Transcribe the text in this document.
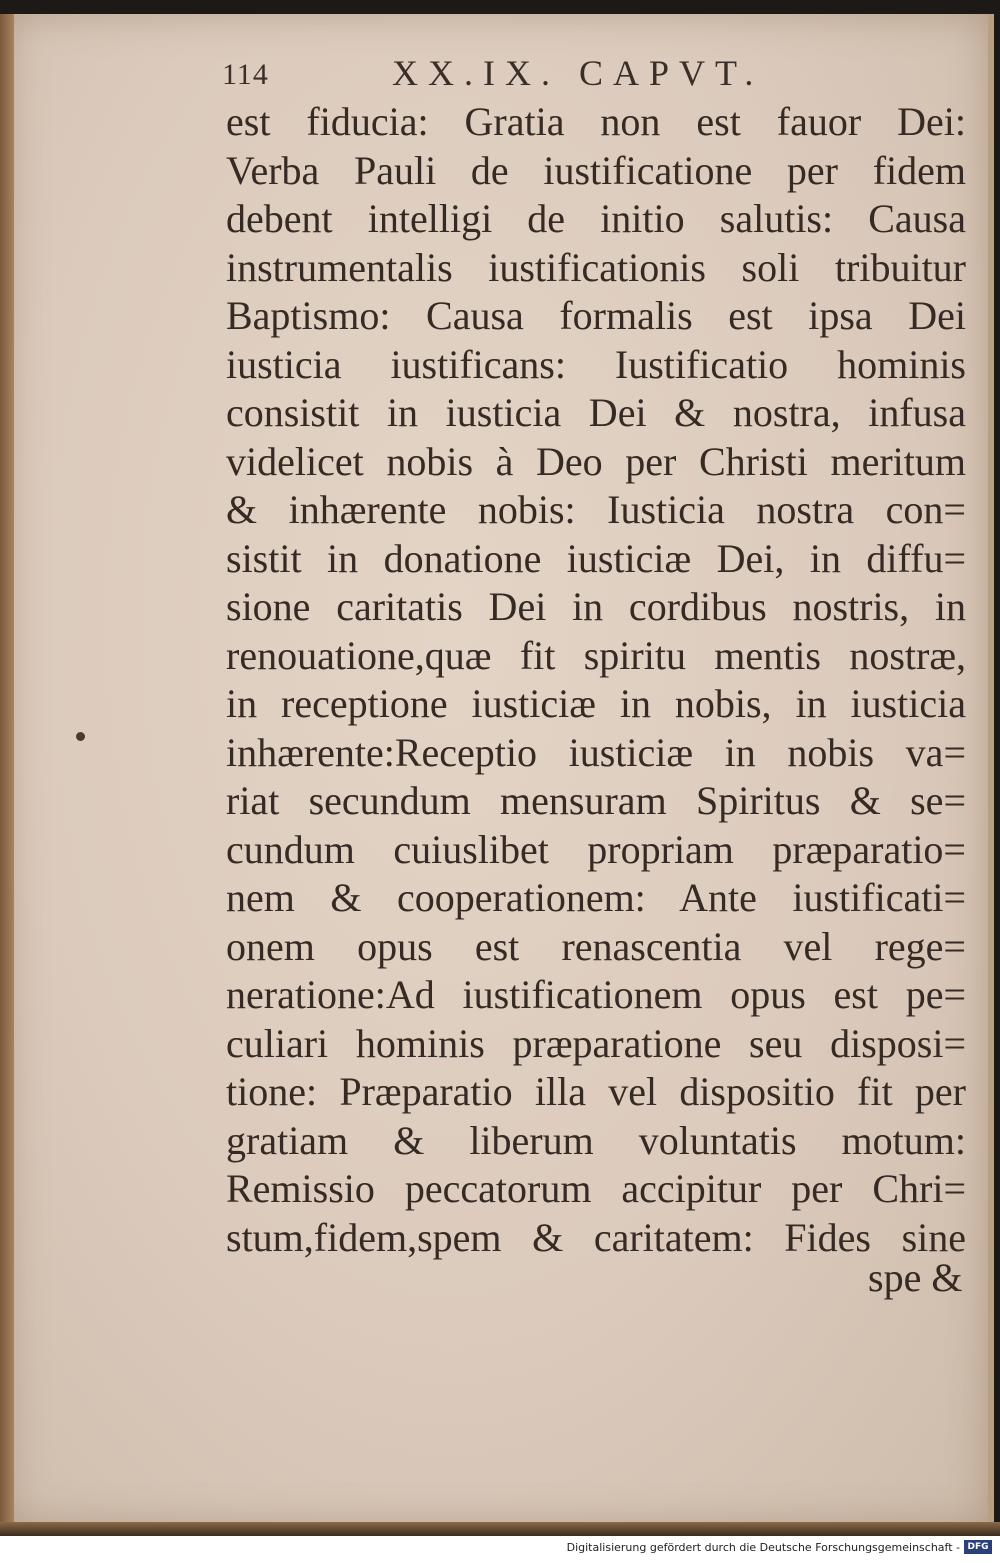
114	XX.IX. CAPVT.
est fiducia: Gratia non est fauor Dei:
Verba Pauli de iustificatione per fidem
debent intelligi de initio salutis: Causa
instrumentalis iustificationis soli tribuitur
Baptismo: Causa formalis est ipsa Dei
iusticia iustificans: Iustificatio hominis
consistit in iusticia Dei & nostra, infusa
videlicet nobis à Deo per Christi meritum
& inhærente nobis: Iusticia nostra con=
sistit in donatione iusticiæ Dei, in diffu=
sione caritatis Dei in cordibus nostris, in
renouatione,quæ fit spiritu mentis nostræ,
in receptione iusticiæ in nobis, in iusticia
inhærente:Receptio iusticiæ in nobis va=
riat secundum mensuram Spiritus & se=
cundum cuiuslibet propriam præparatio=
nem & cooperationem: Ante iustificati=
onem opus est renascentia vel rege=
neratione:Ad iustificationem opus est pe=
culiari hominis præparatione seu disposi=
tione: Præparatio illa vel dispositio fit per
gratiam & liberum voluntatis motum:
Remissio peccatorum accipitur per Chri=
stum,fidem,spem & caritatem: Fides sine
spe &
Digitalisierung gefördert durch die Deutsche Forschungsgemeinschaft - DFG
